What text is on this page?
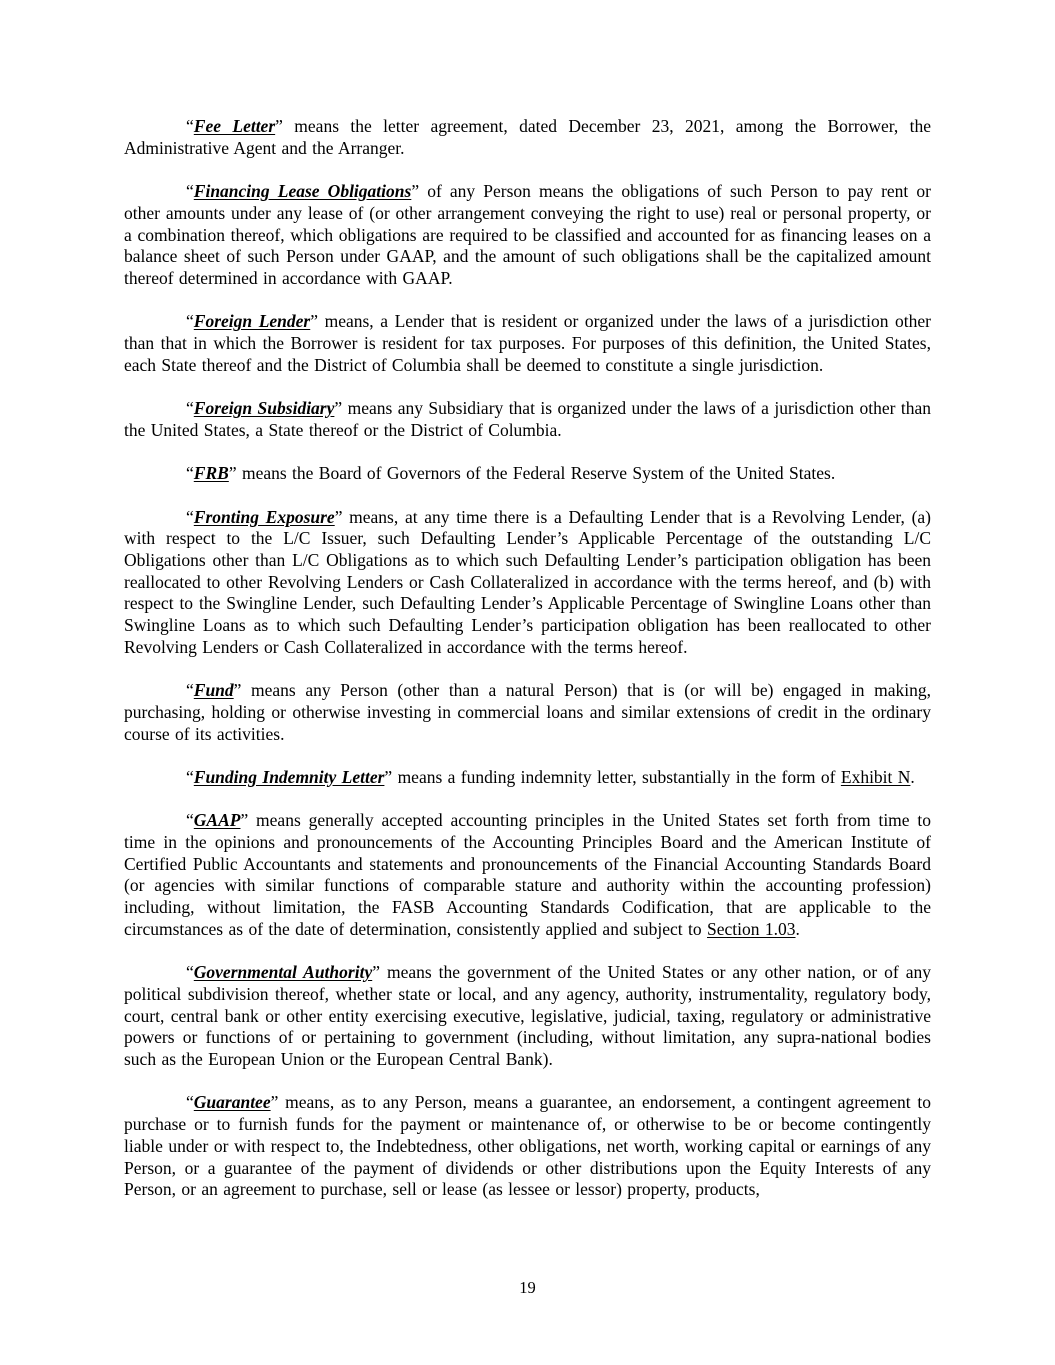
“Fee Letter” means the letter agreement, dated December 23, 2021, among the Borrower, the Administrative Agent and the Arranger.

“Financing Lease Obligations” of any Person means the obligations of such Person to pay rent or other amounts under any lease of (or other arrangement conveying the right to use) real or personal property, or a combination thereof, which obligations are required to be classified and accounted for as financing leases on a balance sheet of such Person under GAAP, and the amount of such obligations shall be the capitalized amount thereof determined in accordance with GAAP.

“Foreign Lender” means, a Lender that is resident or organized under the laws of a jurisdiction other than that in which the Borrower is resident for tax purposes. For purposes of this definition, the United States, each State thereof and the District of Columbia shall be deemed to constitute a single jurisdiction.

“Foreign Subsidiary” means any Subsidiary that is organized under the laws of a jurisdiction other than the United States, a State thereof or the District of Columbia.

“FRB” means the Board of Governors of the Federal Reserve System of the United States.

“Fronting Exposure” means, at any time there is a Defaulting Lender that is a Revolving Lender, (a) with respect to the L/C Issuer, such Defaulting Lender’s Applicable Percentage of the outstanding L/C Obligations other than L/C Obligations as to which such Defaulting Lender’s participation obligation has been reallocated to other Revolving Lenders or Cash Collateralized in accordance with the terms hereof, and (b) with respect to the Swingline Lender, such Defaulting Lender’s Applicable Percentage of Swingline Loans other than Swingline Loans as to which such Defaulting Lender’s participation obligation has been reallocated to other Revolving Lenders or Cash Collateralized in accordance with the terms hereof.

“Fund” means any Person (other than a natural Person) that is (or will be) engaged in making, purchasing, holding or otherwise investing in commercial loans and similar extensions of credit in the ordinary course of its activities.

“Funding Indemnity Letter” means a funding indemnity letter, substantially in the form of Exhibit N.

“GAAP” means generally accepted accounting principles in the United States set forth from time to time in the opinions and pronouncements of the Accounting Principles Board and the American Institute of Certified Public Accountants and statements and pronouncements of the Financial Accounting Standards Board (or agencies with similar functions of comparable stature and authority within the accounting profession) including, without limitation, the FASB Accounting Standards Codification, that are applicable to the circumstances as of the date of determination, consistently applied and subject to Section 1.03.

“Governmental Authority” means the government of the United States or any other nation, or of any political subdivision thereof, whether state or local, and any agency, authority, instrumentality, regulatory body, court, central bank or other entity exercising executive, legislative, judicial, taxing, regulatory or administrative powers or functions of or pertaining to government (including, without limitation, any supra-national bodies such as the European Union or the European Central Bank).

“Guarantee” means, as to any Person, means a guarantee, an endorsement, a contingent agreement to purchase or to furnish funds for the payment or maintenance of, or otherwise to be or become contingently liable under or with respect to, the Indebtedness, other obligations, net worth, working capital or earnings of any Person, or a guarantee of the payment of dividends or other distributions upon the Equity Interests of any Person, or an agreement to purchase, sell or lease (as lessee or lessor) property, products,

19
